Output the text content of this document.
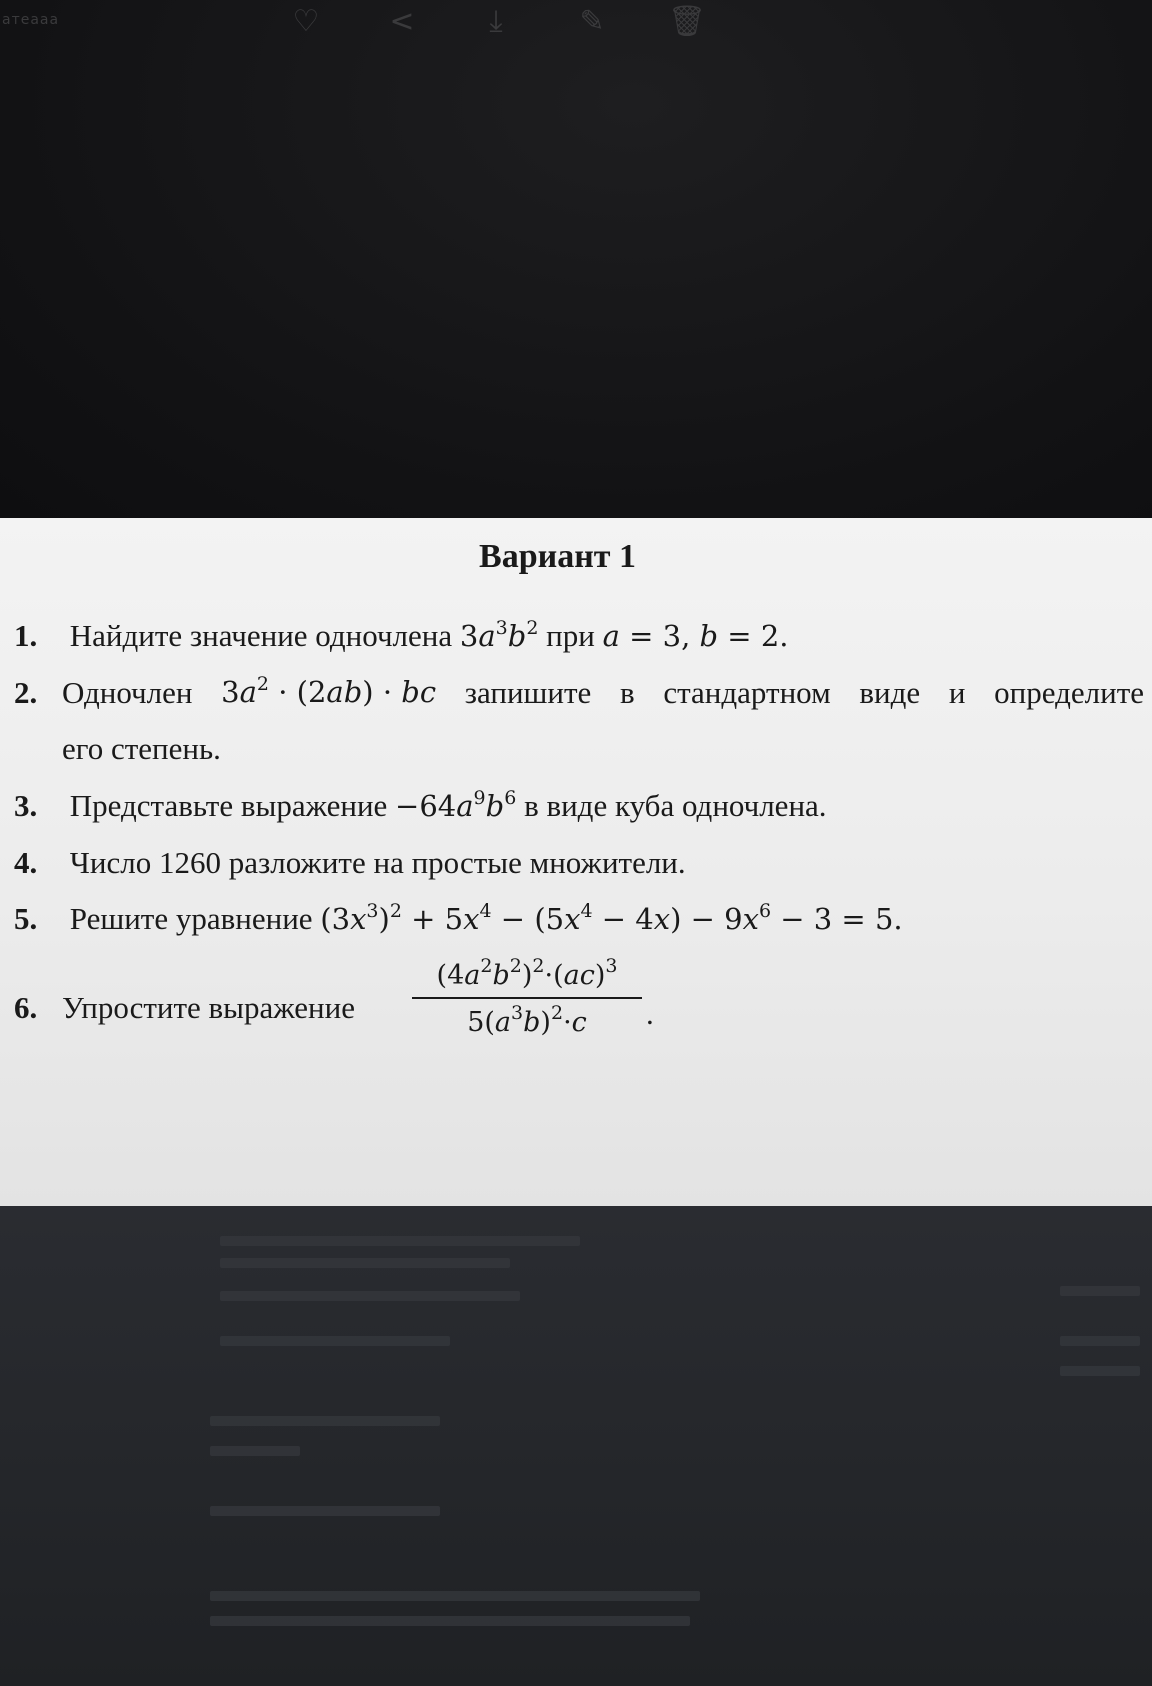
атеааа	♡ <	⤓	✎ 🗑
Вариант 1
1. Найдите значение одночлена $3a^3b^2$ при a = 3, b = 2.
2. Одночлен $3a^2 \cdot (2ab)$ · bc запишите в стандартном виде и определите
его степень.
3. Представьте выражение $-64a^9b^6$ в виде куба одночлена.
4. Число 1260 разложите на простые множители.
5. Решите уравнение $(3x^3)^2 + 5x^4 - (5x^4 - 4x) - 9x^6 - 3 = 5$.
6. Упростите выражение $\frac{(4a^2b^2)^2\cdot(ac)^3}{5(a^3b)^2\cdot c}$ .
